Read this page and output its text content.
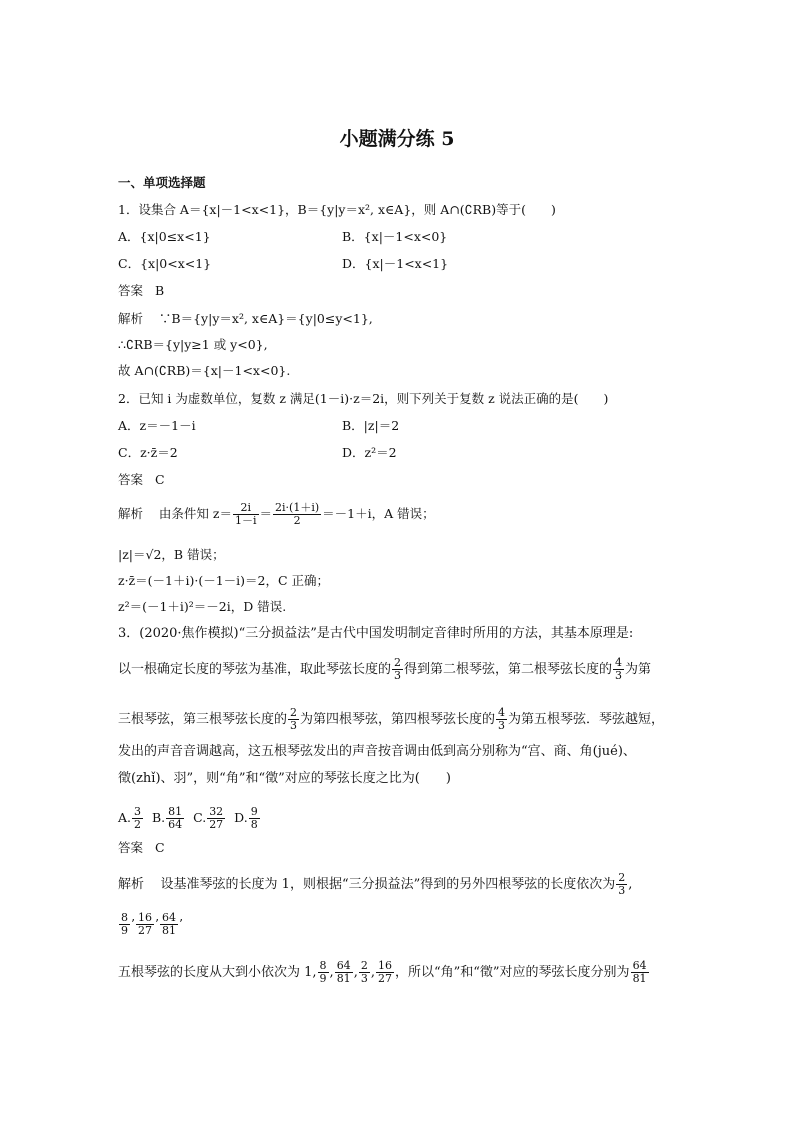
小题满分练 5
一、单项选择题
1．设集合 A＝{x|－1<x<1}，B＝{y|y＝x², x∈A}，则 A∩(∁RB)等于(　　)
A．{x|0≤x<1}	B．{x|－1<x<0}
C．{x|0<x<1}	D．{x|－1<x<1}
答案 B
解析 ∵B＝{y|y＝x², x∈A}＝{y|0≤y<1},
∴∁RB＝{y|y≥1 或 y<0},
故 A∩(∁RB)＝{x|－1<x<0}.
2．已知 i 为虚数单位，复数 z 满足(1－i)·z＝2i，则下列关于复数 z 说法正确的是(　　)
A．z＝－1－i	B．|z|＝2
C．z·z̄＝2	D．z²＝2
答案 C
解析 由条件知 $z= \frac{2i}{1-i} = \frac{2i\cdot(1+i)}{2} =-1+i$，A 错误；
|z|＝√2，B 错误；
z·z̄＝(－1＋i)·(－1－i)＝2，C 正确；
z²＝(－1＋i)²＝－2i，D 错误.
3．(2020·焦作模拟)“三分损益法”是古代中国发明制定音律时所用的方法，其基本原理是:
以一根确定长度的琴弦为基准，取此琴弦长度的 $\frac{2}{3}$ 得到第二根琴弦，第二根琴弦长度的 $\frac{4}{3}$ 为第
三根琴弦，第三根琴弦长度的 $\frac{2}{3}$ 为第四根琴弦，第四根琴弦长度的 $\frac{4}{3}$ 为第五根琴弦．琴弦越短，
发出的声音音调越高，这五根琴弦发出的声音按音调由低到高分别称为“宫、商、角(jué)、
徵(zhǐ)、羽”，则“角”和“徵”对应的琴弦长度之比为(　　)
A. $\frac{3}{2} B$. $\frac{81}{64} C$. $\frac{32}{27} D$. $\frac{9}{8}$
答案 C
解析 设基准琴弦的长度为 1，则根据“三分损益法”得到的另外四根琴弦的长度依次为 $\frac{2}{3}$ ,
$\frac{8}{9}$ ’ $\frac{16}{27}$ ’ $\frac{64}{81}$ ’
五根琴弦的长度从大到小依次为 1, $\frac{8}{9}$ , $\frac{64}{81}$ , $\frac{2}{3}$ , $\frac{16}{27}$ ，所以“角”和“徵”对应的琴弦长度分别为 $\frac{64}{81}$
